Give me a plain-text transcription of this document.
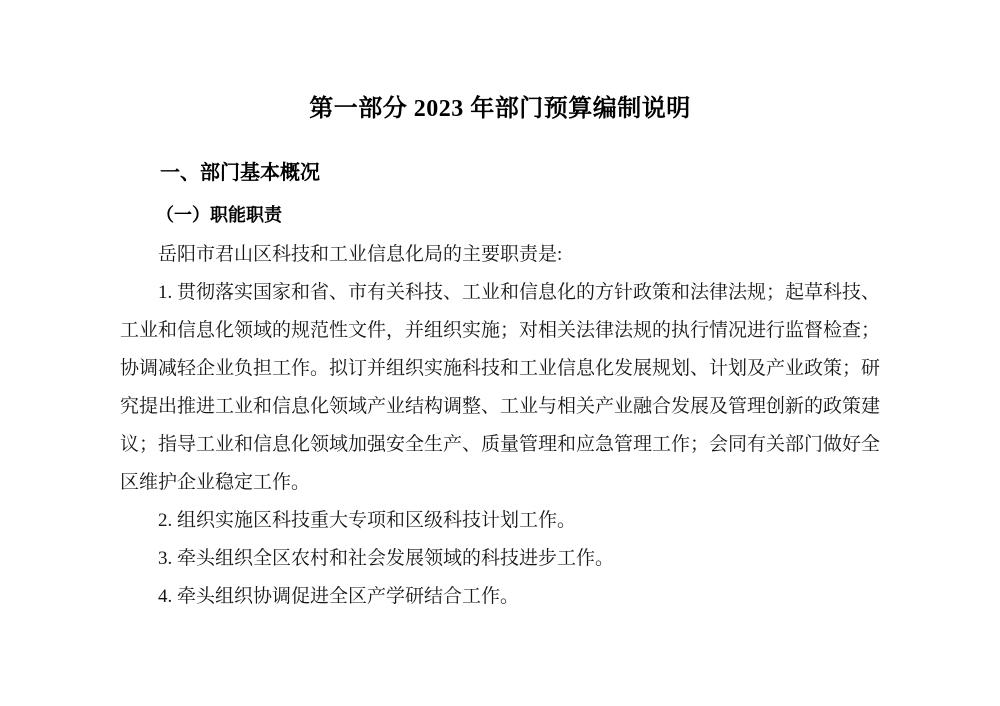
第一部分 2023 年部门预算编制说明
一、部门基本概况
（一）职能职责

岳阳市君山区科技和工业信息化局的主要职责是:

1. 贯彻落实国家和省、市有关科技、工业和信息化的方针政策和法律法规；起草科技、工业和信息化领域的规范性文件，并组织实施；对相关法律法规的执行情况进行监督检查；协调减轻企业负担工作。拟订并组织实施科技和工业信息化发展规划、计划及产业政策；研究提出推进工业和信息化领域产业结构调整、工业与相关产业融合发展及管理创新的政策建议；指导工业和信息化领域加强安全生产、质量管理和应急管理工作；会同有关部门做好全区维护企业稳定工作。

2. 组织实施区科技重大专项和区级科技计划工作。

3. 牵头组织全区农村和社会发展领域的科技进步工作。

4. 牵头组织协调促进全区产学研结合工作。
